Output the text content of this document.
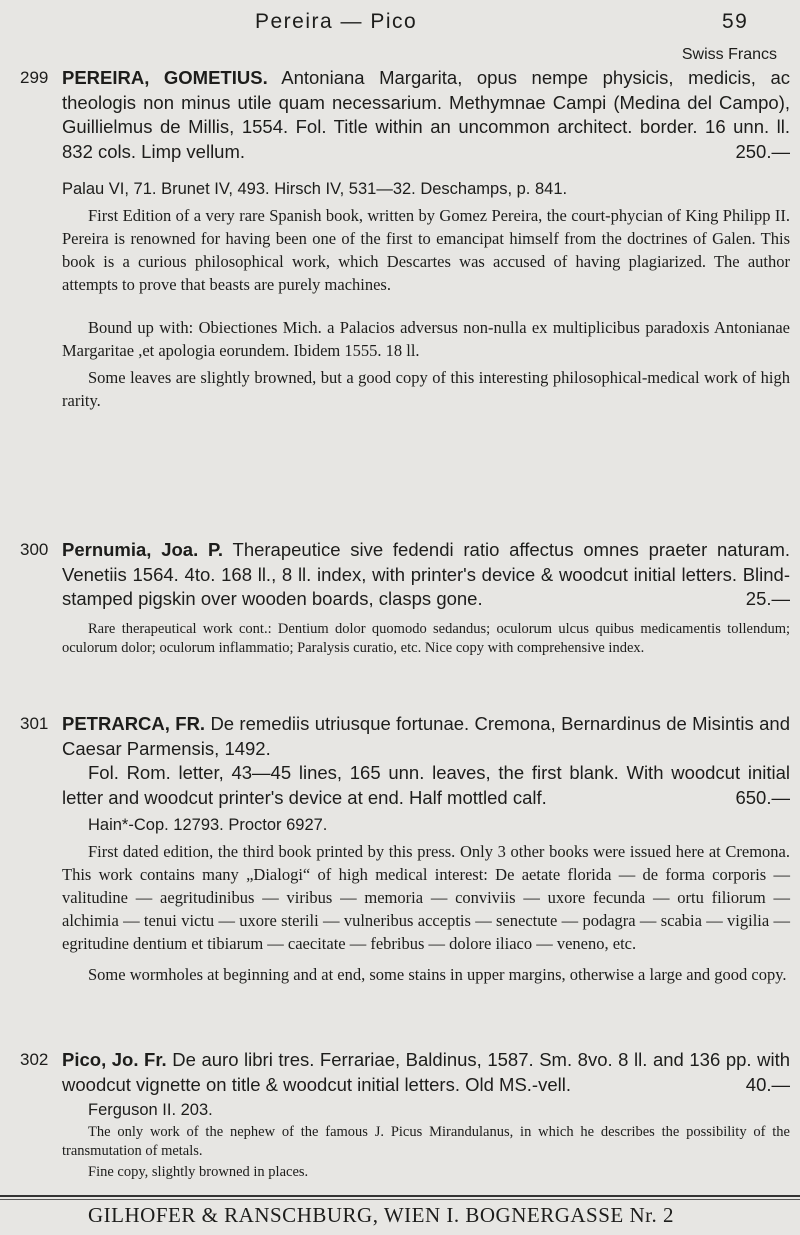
Pereira — Pico	59
Swiss Francs
299 PEREIRA, GOMETIUS. Antoniana Margarita, opus nempe physicis, medicis, ac theologis non minus utile quam necessarium. Methymnae Campi (Medina del Campo), Guillielmus de Millis, 1554. Fol. Title within an uncommon architect. border. 16 unn. ll. 832 cols. Limp vellum.	250.—

Palau VI, 71. Brunet IV, 493. Hirsch IV, 531—32. Deschamps, p. 841.

First Edition of a very rare Spanish book, written by Gomez Pereira, the court-phycian of King Philipp II. Pereira is renowned for having been one of the first to emancipat himself from the doctrines of Galen. This book is a curious philosophical work, which Descartes was accused of having plagiarized. The author attempts to prove that beasts are purely machines.

Bound up with: Obiectiones Mich. a Palacios adversus non-nulla ex multiplicibus paradoxis Antonianae Margaritae ,et apologia eorundem. Ibidem 1555. 18 ll.

Some leaves are slightly browned, but a good copy of this interesting philosophical-medical work of high rarity.

300 Pernumia, Joa. P. Therapeutice sive fedendi ratio affectus omnes praeter naturam. Venetiis 1564. 4to. 168 ll., 8 ll. index, with printer's device & woodcut initial letters. Blind-stamped pigskin over wooden boards, clasps gone.	25.—

Rare therapeutical work cont.: Dentium dolor quomodo sedandus; oculorum ulcus quibus medicamentis tollendum; oculorum dolor; oculorum inflammatio; Paralysis curatio, etc. Nice copy with comprehensive index.

301 PETRARCA, FR. De remediis utriusque fortunae. Cremona, Bernardinus de Misintis and Caesar Parmensis, 1492.

Fol. Rom. letter, 43—45 lines, 165 unn. leaves, the first blank. With woodcut initial letter and woodcut printer's device at end. Half mottled calf.	650.—

Hain*-Cop. 12793. Proctor 6927.

First dated edition, the third book printed by this press. Only 3 other books were issued here at Cremona. This work contains many „Dialogi“ of high medical interest: De aetate florida — de forma corporis — valitudine — aegritudinibus — viribus — memoria — conviviis — uxore fecunda — ortu filiorum — alchimia — tenui victu — uxore sterili — vulneribus acceptis — senectute — podagra — scabia — vigilia — egritudine dentium et tibiarum — caecitate — febribus — dolore iliaco — veneno, etc.

Some wormholes at beginning and at end, some stains in upper margins, otherwise a large and good copy.

302 Pico, Jo. Fr. De auro libri tres. Ferrariae, Baldinus, 1587. Sm. 8vo. 8 ll. and 136 pp. with woodcut vignette on title & woodcut initial letters. Old MS.-vell.	40.—

Ferguson II. 203.

The only work of the nephew of the famous J. Picus Mirandulanus, in which he describes the possibility of the transmutation of metals.

Fine copy, slightly browned in places.

GILHOFER & RANSCHBURG, WIEN I. BOGNERGASSE Nr. 2
